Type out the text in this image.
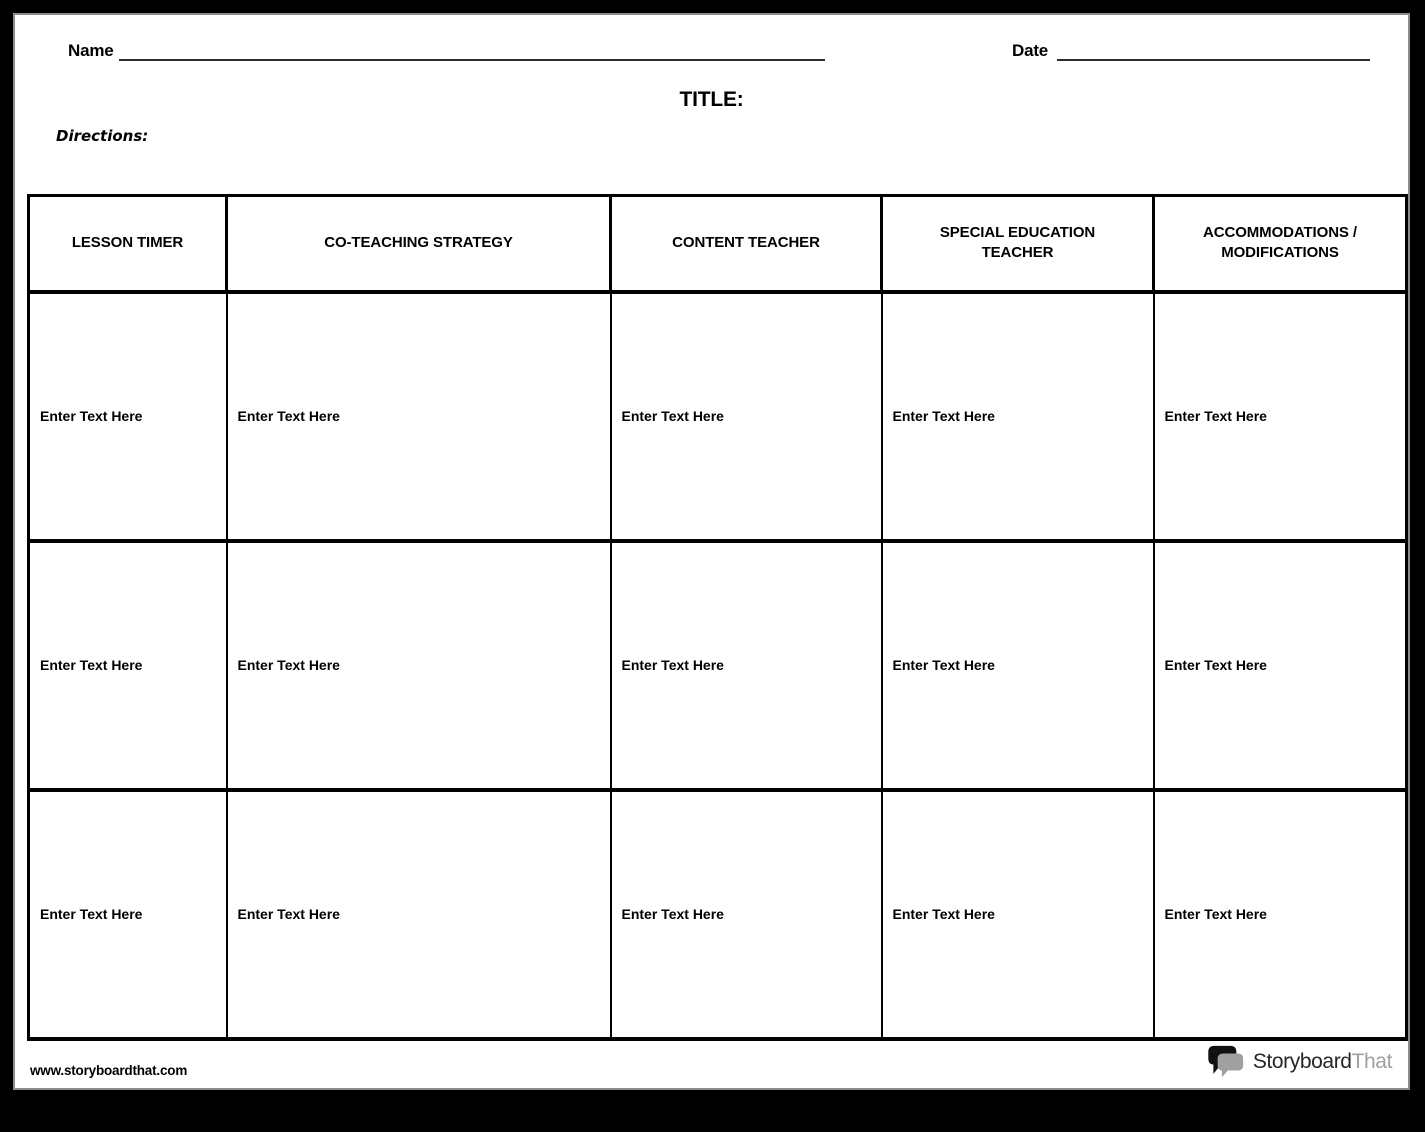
Name	Date
TITLE:
Directions:
LESSON TIMER	CO-TEACHING STRATEGY	CONTENT TEACHER	SPECIAL EDUCATION TEACHER	ACCOMMODATIONS / MODIFICATIONS
Enter Text Here	Enter Text Here	Enter Text Here	Enter Text Here	Enter Text Here
Enter Text Here	Enter Text Here	Enter Text Here	Enter Text Here	Enter Text Here
Enter Text Here	Enter Text Here	Enter Text Here	Enter Text Here	Enter Text Here
www.storyboardthat.com	StoryboardThat
